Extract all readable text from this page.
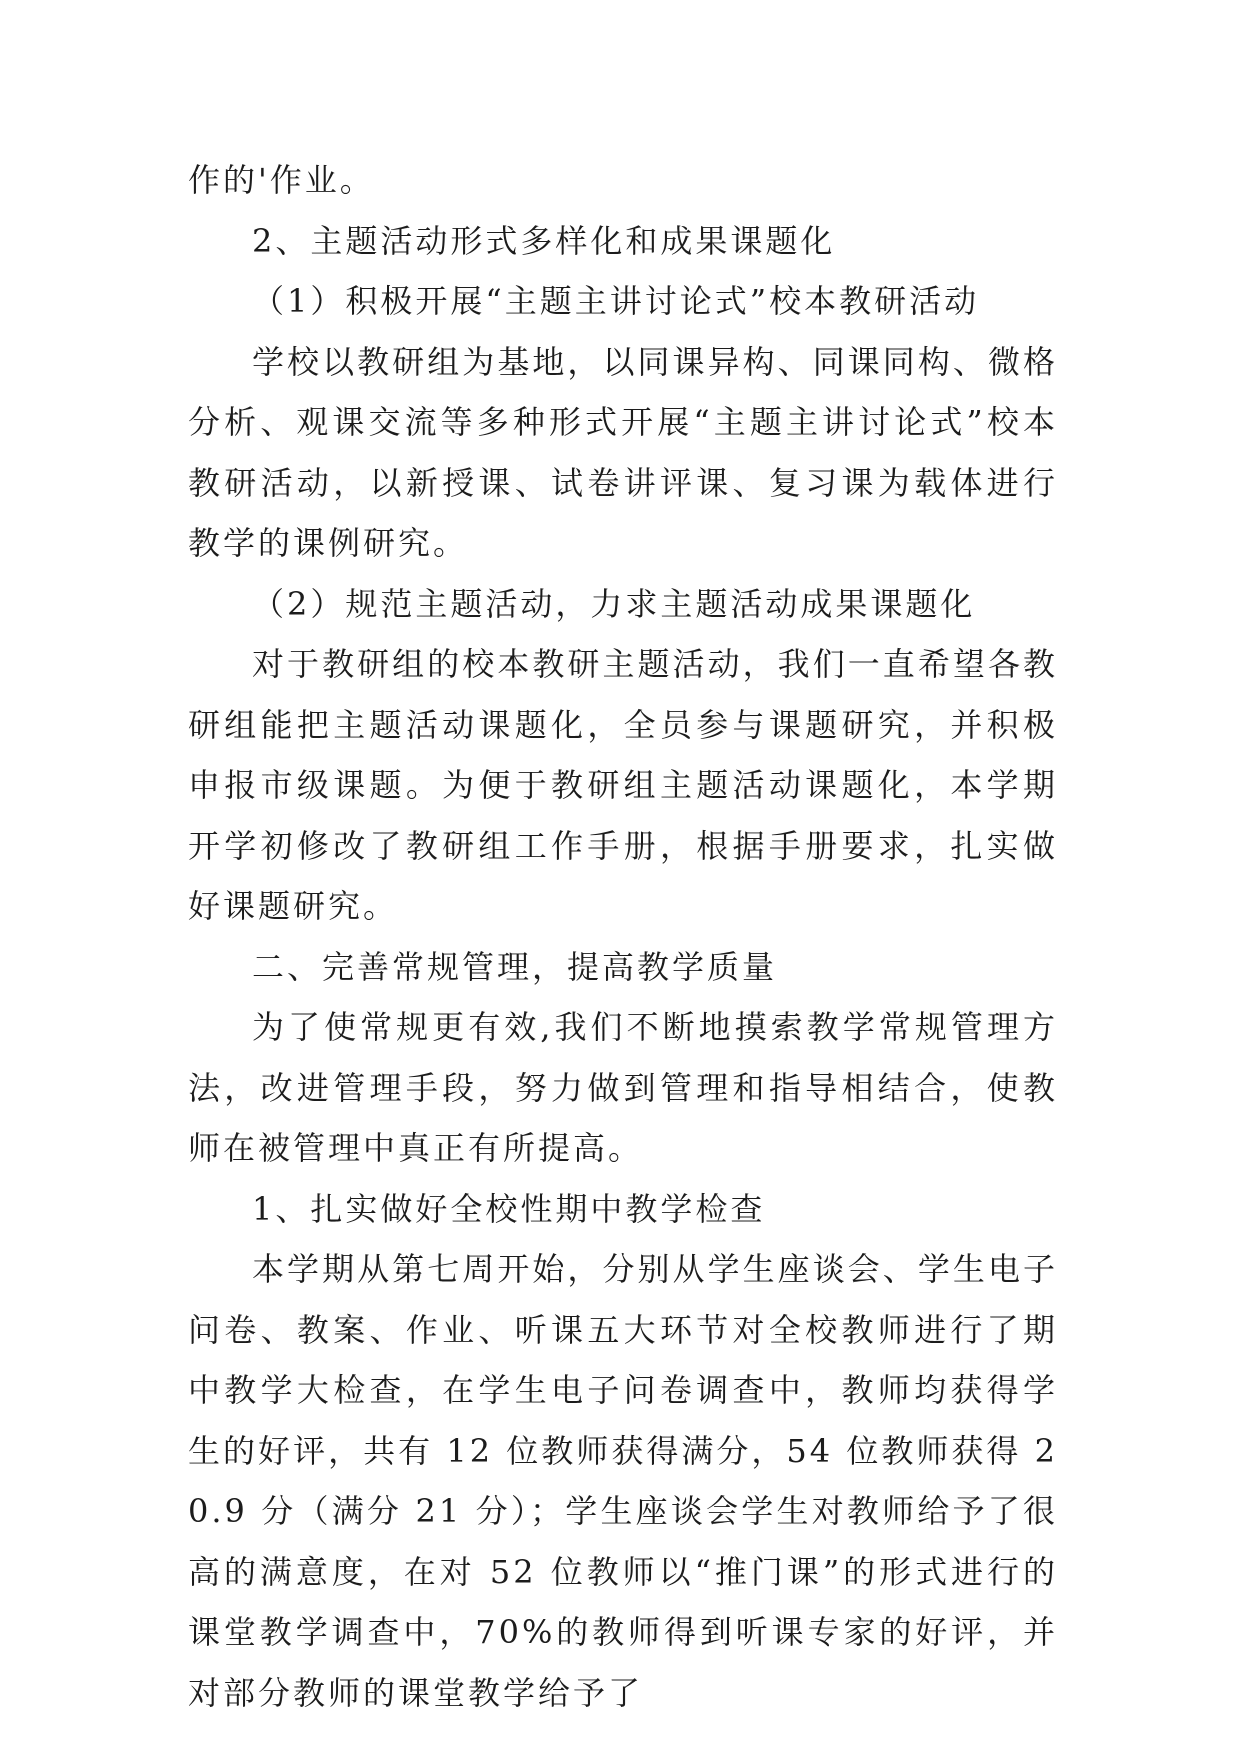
作的'作业。

2、主题活动形式多样化和成果课题化

（1）积极开展“主题主讲讨论式”校本教研活动

学校以教研组为基地，以同课异构、同课同构、微格分析、观课交流等多种形式开展“主题主讲讨论式”校本教研活动，以新授课、试卷讲评课、复习课为载体进行教学的课例研究。

（2）规范主题活动，力求主题活动成果课题化

对于教研组的校本教研主题活动，我们一直希望各教研组能把主题活动课题化，全员参与课题研究，并积极申报市级课题。为便于教研组主题活动课题化，本学期开学初修改了教研组工作手册，根据手册要求，扎实做好课题研究。

二、完善常规管理，提高教学质量

为了使常规更有效,我们不断地摸索教学常规管理方法，改进管理手段，努力做到管理和指导相结合，使教师在被管理中真正有所提高。

1、扎实做好全校性期中教学检查

本学期从第七周开始，分别从学生座谈会、学生电子问卷、教案、作业、听课五大环节对全校教师进行了期中教学大检查，在学生电子问卷调查中，教师均获得学生的好评，共有 12 位教师获得满分，54 位教师获得 20.9 分（满分 21 分）；学生座谈会学生对教师给予了很高的满意度，在对 52 位教师以“推门课”的形式进行的课堂教学调查中，70%的教师得到听课专家的好评，并对部分教师的课堂教学给予了
